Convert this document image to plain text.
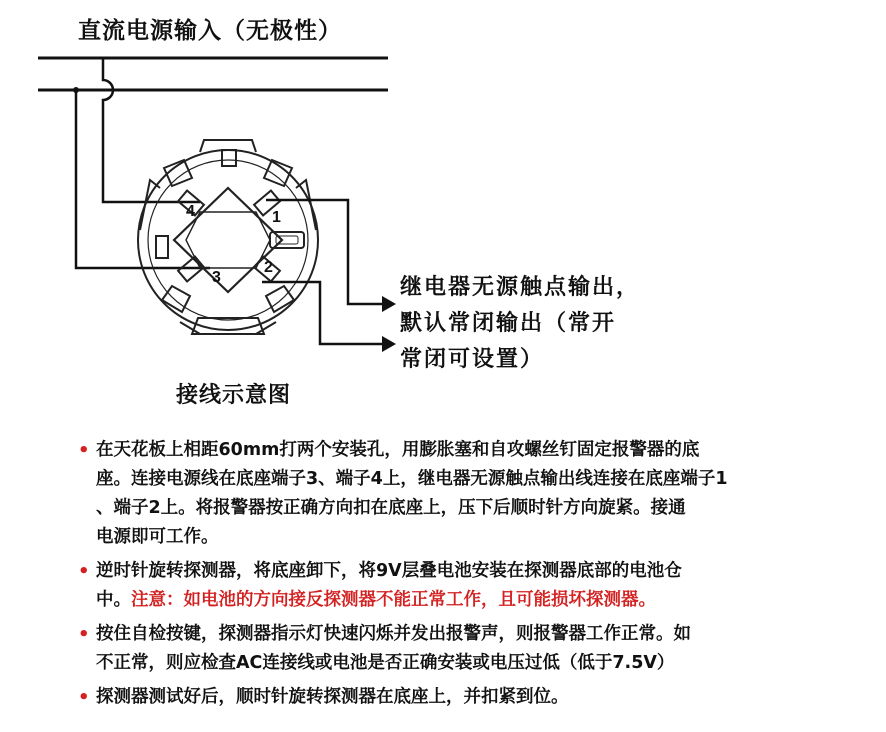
4	1
3
2
直流电源输入（无极性）
继电器无源触点输出，
默认常闭输出（常开
常闭可设置）
接线示意图
• 在天花板上相距60mm打两个安装孔，用膨胀塞和自攻螺丝钉固定报警器的底
座。连接电源线在底座端子3、端子4上，继电器无源触点输出线连接在底座端子1
、端子2上。将报警器按正确方向扣在底座上，压下后顺时针方向旋紧。接通
电源即可工作。
• 逆时针旋转探测器，将底座卸下，将9V层叠电池安装在探测器底部的电池仓
中。注意：如电池的方向接反探测器不能正常工作，且可能损坏探测器。
• 按住自检按键，探测器指示灯快速闪烁并发出报警声，则报警器工作正常。如
不正常，则应检查AC连接线或电池是否正确安装或电压过低（低于7.5V）
• 探测器测试好后，顺时针旋转探测器在底座上，并扣紧到位。
